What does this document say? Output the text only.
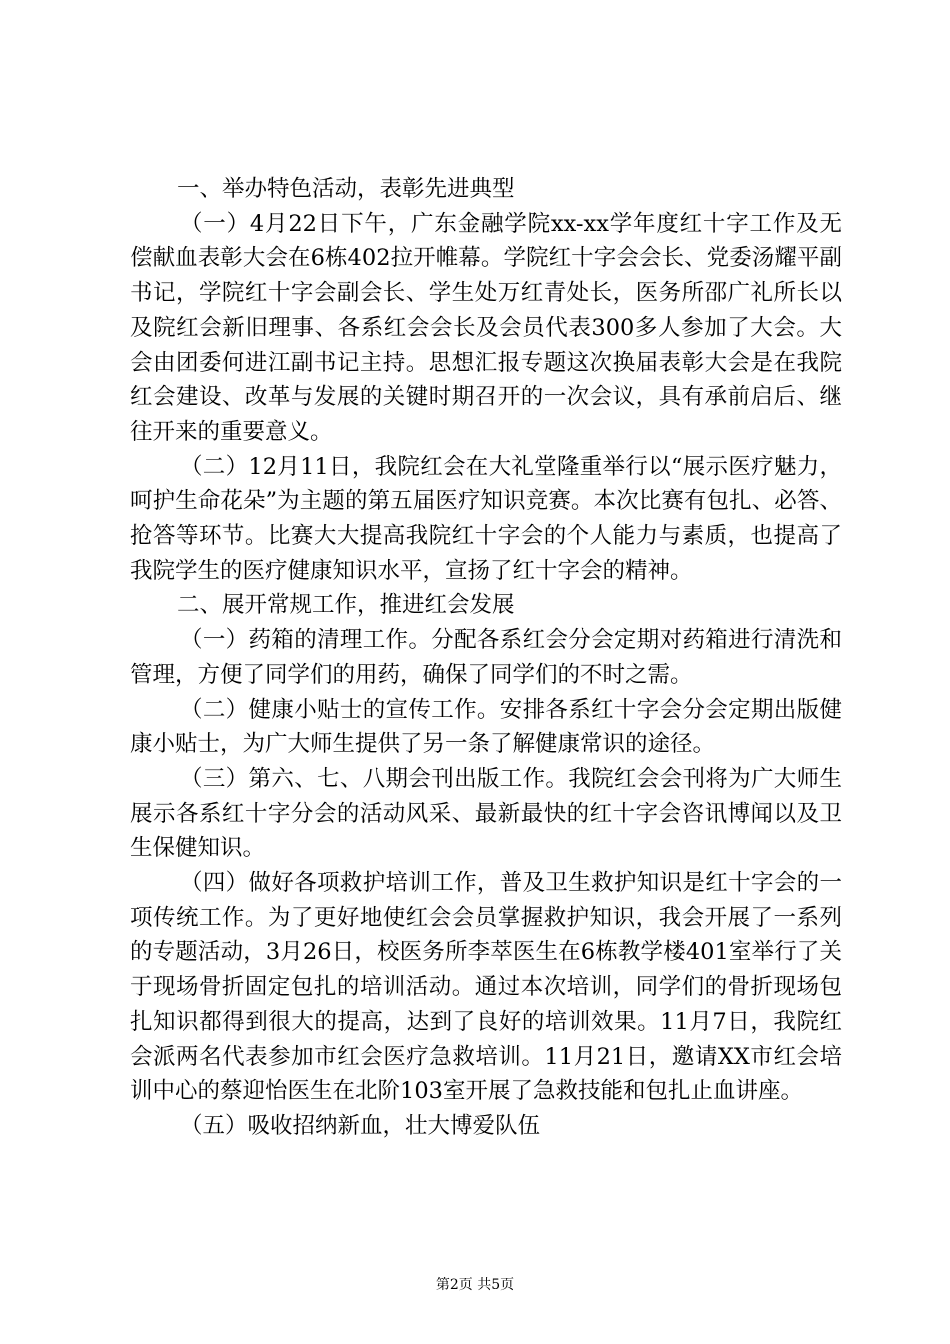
一、举办特色活动，表彰先进典型

（一）4月22日下午，广东金融学院xx-xx学年度红十字工作及无偿献血表彰大会在6栋402拉开帷幕。学院红十字会会长、党委汤耀平副书记，学院红十字会副会长、学生处万红青处长，医务所邵广礼所长以及院红会新旧理事、各系红会会长及会员代表300多人参加了大会。大会由团委何进江副书记主持。思想汇报专题这次换届表彰大会是在我院红会建设、改革与发展的关键时期召开的一次会议，具有承前启后、继往开来的重要意义。

（二）12月11日，我院红会在大礼堂隆重举行以“展示医疗魅力，呵护生命花朵”为主题的第五届医疗知识竞赛。本次比赛有包扎、必答、抢答等环节。比赛大大提高我院红十字会的个人能力与素质，也提高了我院学生的医疗健康知识水平，宣扬了红十字会的精神。

二、展开常规工作，推进红会发展

（一）药箱的清理工作。分配各系红会分会定期对药箱进行清洗和管理，方便了同学们的用药，确保了同学们的不时之需。

（二）健康小贴士的宣传工作。安排各系红十字会分会定期出版健康小贴士，为广大师生提供了另一条了解健康常识的途径。

（三）第六、七、八期会刊出版工作。我院红会会刊将为广大师生展示各系红十字分会的活动风采、最新最快的红十字会咨讯博闻以及卫生保健知识。

（四）做好各项救护培训工作，普及卫生救护知识是红十字会的一项传统工作。为了更好地使红会会员掌握救护知识，我会开展了一系列的专题活动，3月26日，校医务所李萃医生在6栋教学楼401室举行了关于现场骨折固定包扎的培训活动。通过本次培训，同学们的骨折现场包扎知识都得到很大的提高，达到了良好的培训效果。11月7日，我院红会派两名代表参加市红会医疗急救培训。11月21日，邀请XX市红会培训中心的蔡迎怡医生在北阶103室开展了急救技能和包扎止血讲座。

（五）吸收招纳新血，壮大博爱队伍

第2页 共5页
